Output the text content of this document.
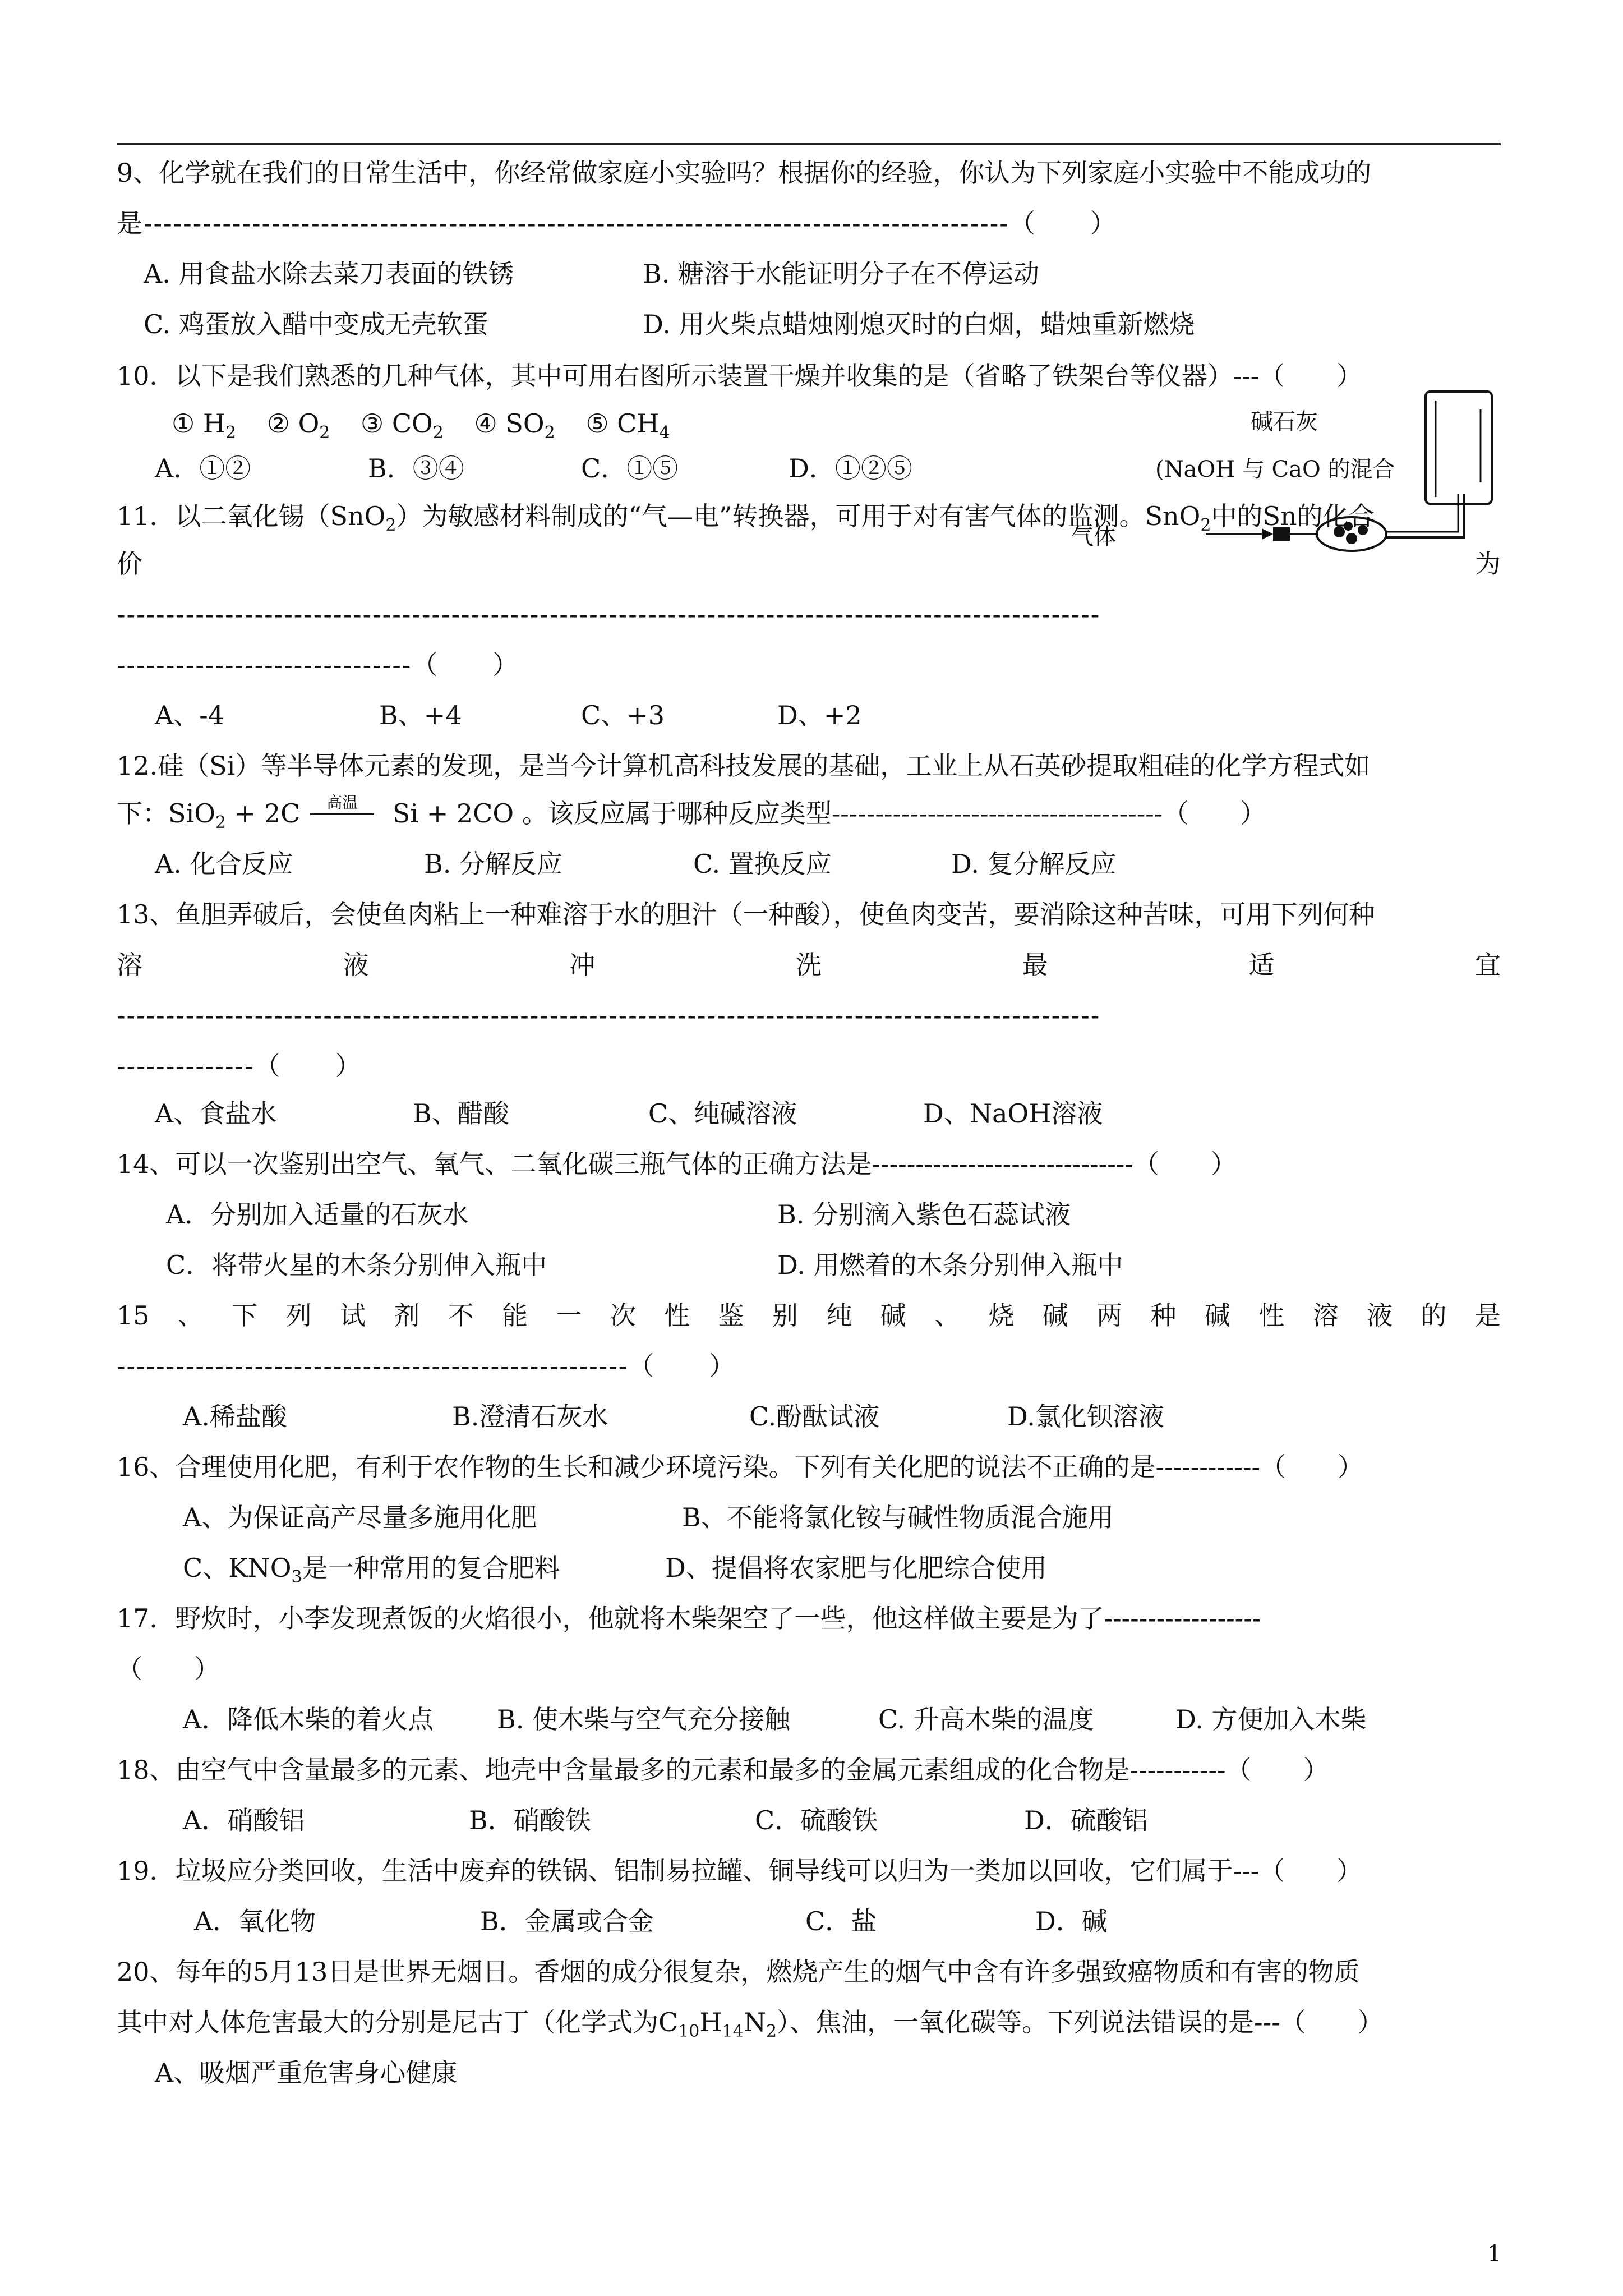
9、化学就在我们的日常生活中，你经常做家庭小实验吗？根据你的经验，你认为下列家庭小实验中不能成功的
是----------------------------------------------------------------------------------------（　　）
A. 用食盐水除去菜刀表面的铁锈	B. 糖溶于水能证明分子在不停运动
C. 鸡蛋放入醋中变成无壳软蛋	D. 用火柴点蜡烛刚熄灭时的白烟，蜡烛重新燃烧
10．以下是我们熟悉的几种气体，其中可用右图所示装置干燥并收集的是（省略了铁架台等仪器）---（　　）
① $H_2$ ② $O_2$ ③ $CO_2$ ④ $SO_2$ ⑤ $CH_4$
A．①②	B．③④	C．①⑤	D．①②⑤
碱石灰
(NaOH 与 CaO 的混合
气体
11．以二氧化锡（SnO$_2$）为敏感材料制成的“气—电”转换器，可用于对有害气体的监测。SnO$_2$中的Sn的化合
价	为
----------------------------------------------------------------------------------------------------
------------------------------（　　）
A、-4	B、+4	C、+3	D、+2
12.硅（Si）等半导体元素的发现，是当今计算机高科技发展的基础，工业上从石英砂提取粗硅的化学方程式如
下：SiO$_2$ + 2C	高温	Si + 2CO 。该反应属于哪种反应类型--------------------------------------（　　）
A. 化合反应	B. 分解反应	C. 置换反应	D. 复分解反应
13、鱼胆弄破后，会使鱼肉粘上一种难溶于水的胆汁（一种酸），使鱼肉变苦，要消除这种苦味，可用下列何种
溶	液	冲	洗	最	适	宜
----------------------------------------------------------------------------------------------------
--------------（　　）
A、食盐水	B、醋酸	C、纯碱溶液	D、NaOH溶液
14、可以一次鉴别出空气、氧气、二氧化碳三瓶气体的正确方法是------------------------------（　　）
A．分别加入适量的石灰水	B. 分别滴入紫色石蕊试液
C．将带火星的木条分别伸入瓶中	D. 用燃着的木条分别伸入瓶中
15 、 下 列 试 剂 不 能 一 次 性 鉴 别 纯 碱 、 烧 碱 两 种 碱 性 溶 液 的 是
----------------------------------------------------（　　）
A.稀盐酸	B.澄清石灰水	C.酚酞试液	D.氯化钡溶液
16、合理使用化肥，有利于农作物的生长和减少环境污染。下列有关化肥的说法不正确的是------------（　　）
A、为保证高产尽量多施用化肥	B、不能将氯化铵与碱性物质混合施用
C、$KNO_3$是一种常用的复合肥料	D、提倡将农家肥与化肥综合使用
17．野炊时，小李发现煮饭的火焰很小，他就将木柴架空了一些，他这样做主要是为了------------------
（　　）
A．降低木柴的着火点 B. 使木柴与空气充分接触	C. 升高木柴的温度	D. 方便加入木柴
18、由空气中含量最多的元素、地壳中含量最多的元素和最多的金属元素组成的化合物是-----------（　　）
A．硝酸铝	B．硝酸铁	C．硫酸铁	D．硫酸铝
19．垃圾应分类回收，生活中废弃的铁锅、铝制易拉罐、铜导线可以归为一类加以回收，它们属于---（　　）
A．氧化物	B．金属或合金	C．盐	D．碱
20、每年的5月13日是世界无烟日。香烟的成分很复杂，燃烧产生的烟气中含有许多强致癌物质和有害的物质
其中对人体危害最大的分别是尼古丁（化学式为$C_{10}H_{14}N_2$）、焦油，一氧化碳等。下列说法错误的是---（　　）
A、吸烟严重危害身心健康
1
